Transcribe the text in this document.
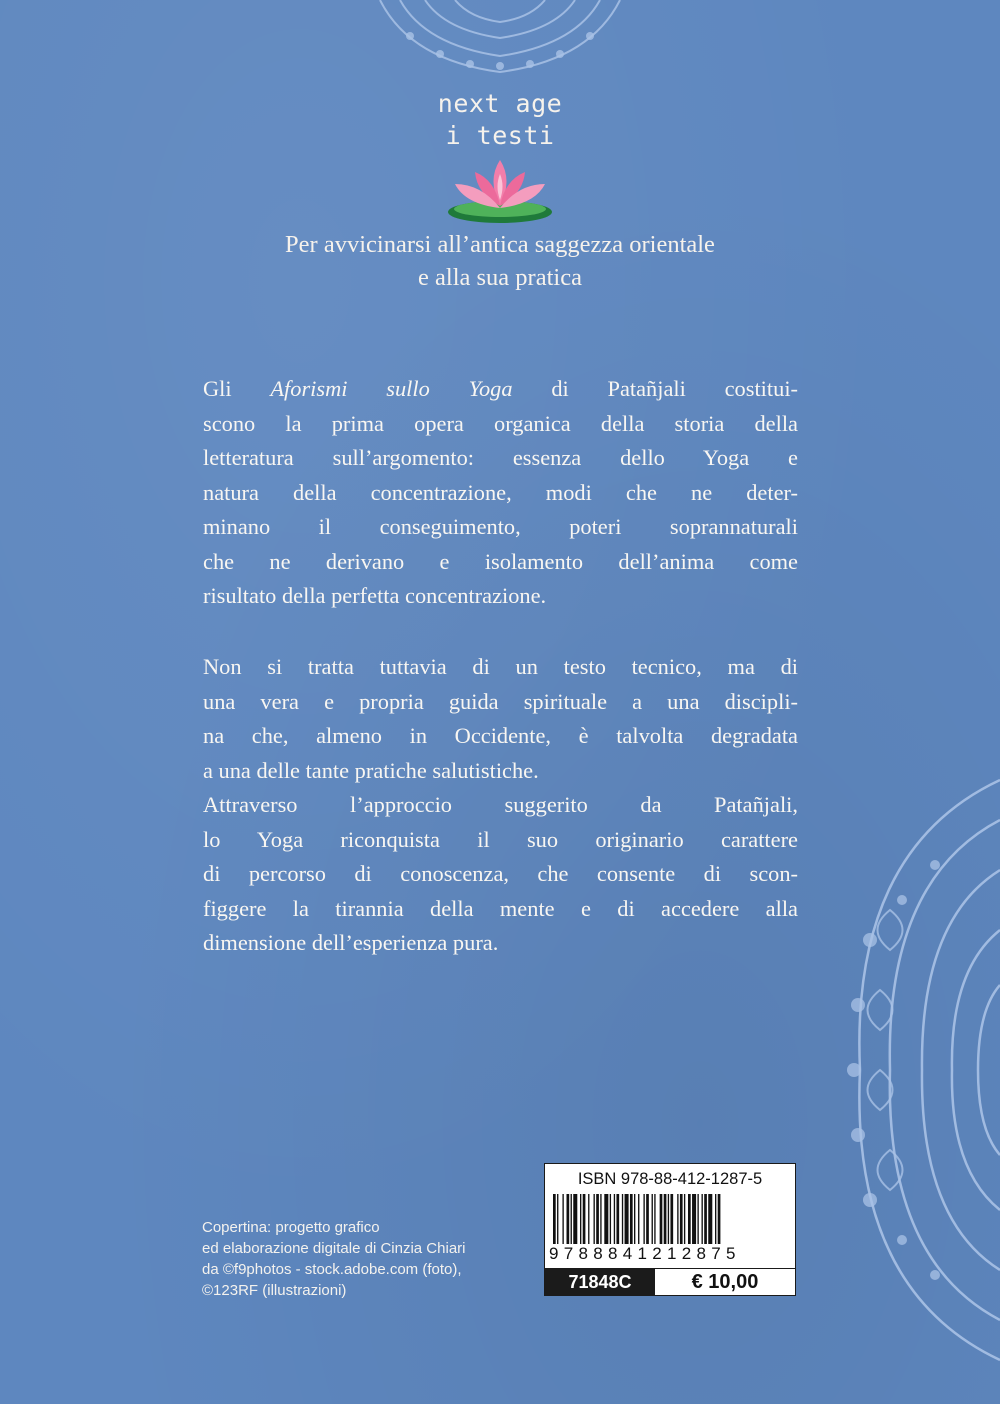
next age
i testi
Per avvicinarsi all’antica saggezza orientale
e alla sua pratica
Gli Aforismi sullo Yoga di Patañjali costitui-
scono la prima opera organica della storia della
letteratura sull’argomento: essenza dello Yoga e
natura della concentrazione, modi che ne deter-
minano il conseguimento, poteri soprannaturali
che ne derivano e isolamento dell’anima come
risultato della perfetta concentrazione.
Non si tratta tuttavia di un testo tecnico, ma di
una vera e propria guida spirituale a una discipli-
na che, almeno in Occidente, è talvolta degradata
a una delle tante pratiche salutistiche.
Attraverso l’approccio suggerito da Patañjali,
lo Yoga riconquista il suo originario carattere
di percorso di conoscenza, che consente di scon-
figgere la tirannia della mente e di accedere alla
dimensione dell’esperienza pura.
Copertina: progetto grafico
ed elaborazione digitale di Cinzia Chiari
da ©f9photos - stock.adobe.com (foto),
©123RF (illustrazioni)
ISBN 978-88-412-1287-5
9788841212875
71848C	€ 10,00
